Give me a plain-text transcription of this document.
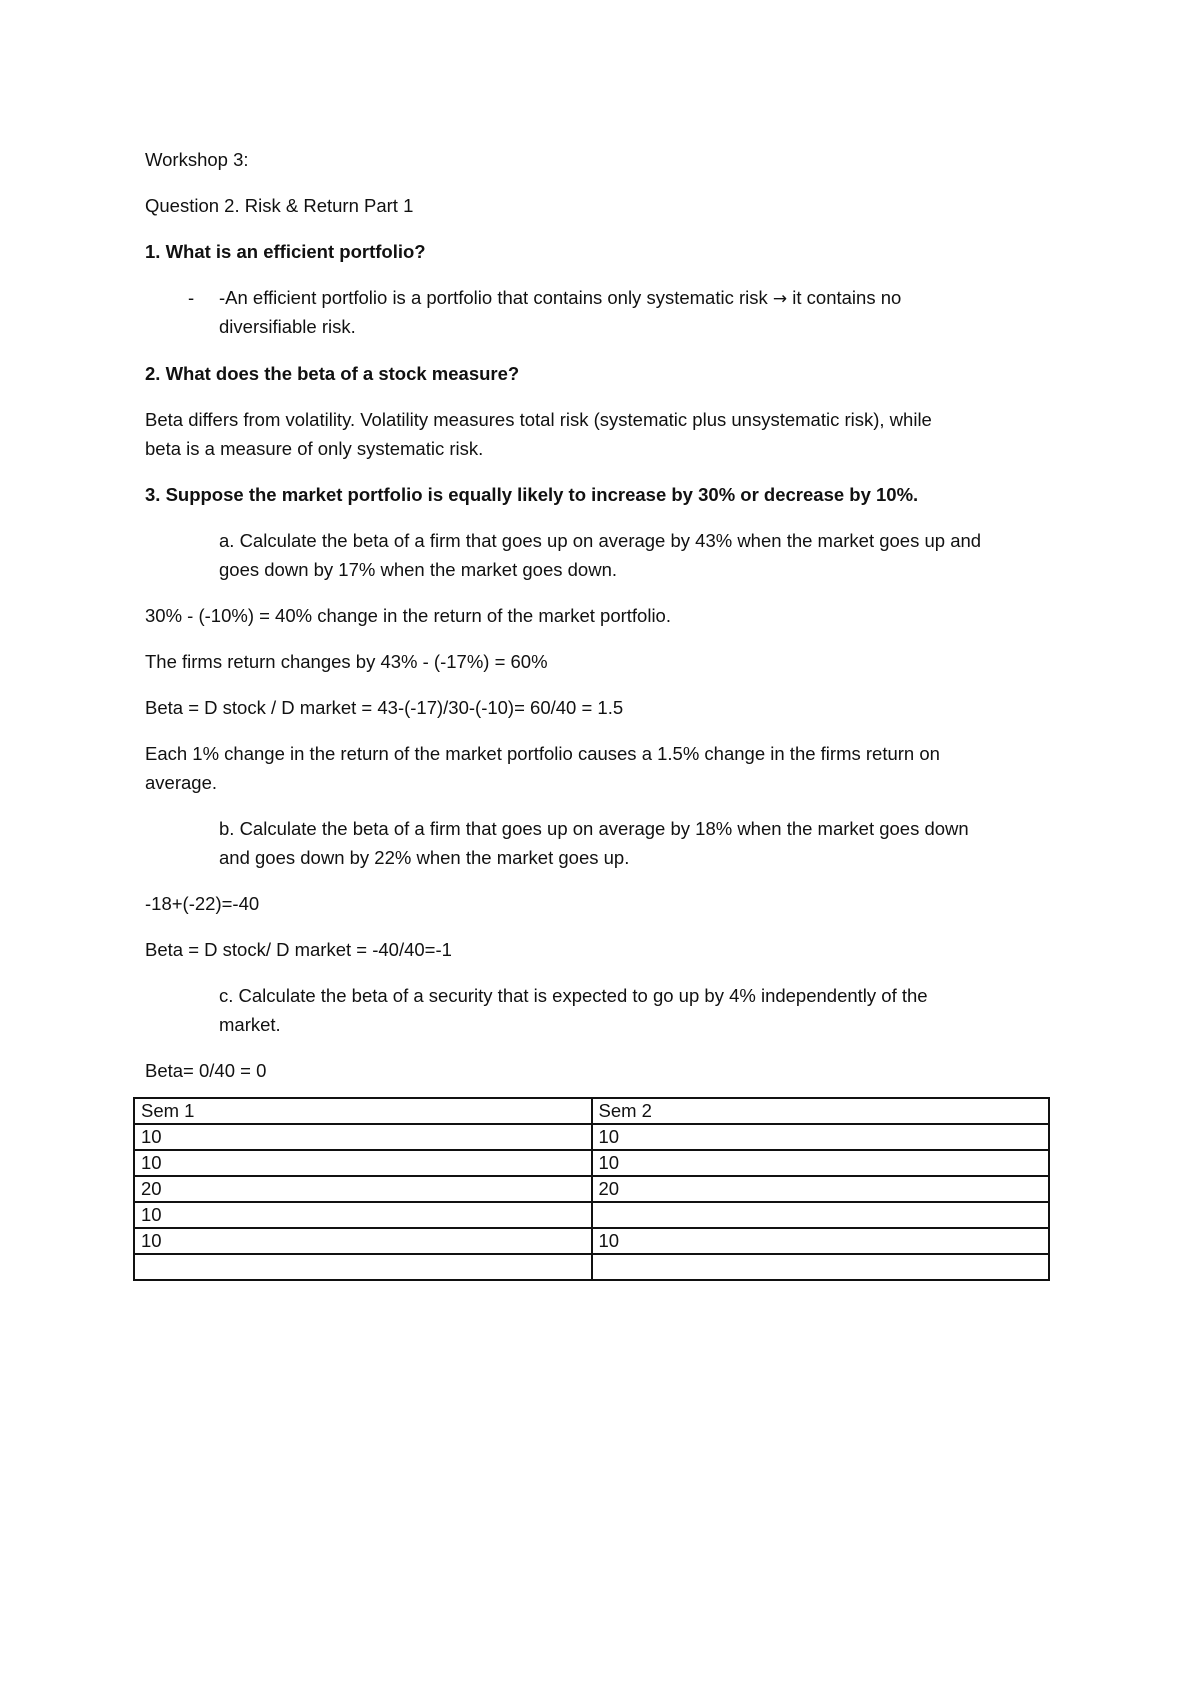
Workshop 3:
Question 2. Risk & Return Part 1
1. What is an efficient portfolio?
- -An efficient portfolio is a portfolio that contains only systematic risk → it contains no
diversifiable risk.
2. What does the beta of a stock measure?
Beta differs from volatility. Volatility measures total risk (systematic plus unsystematic risk), while
beta is a measure of only systematic risk.
3. Suppose the market portfolio is equally likely to increase by 30% or decrease by 10%.
a. Calculate the beta of a firm that goes up on average by 43% when the market goes up and
goes down by 17% when the market goes down.
30% - (-10%) = 40% change in the return of the market portfolio.
The firms return changes by 43% - (-17%) = 60%
Beta = D stock / D market = 43-(-17)/30-(-10)= 60/40 = 1.5
Each 1% change in the return of the market portfolio causes a 1.5% change in the firms return on
average.
b. Calculate the beta of a firm that goes up on average by 18% when the market goes down
and goes down by 22% when the market goes up.
-18+(-22)=-40
Beta = D stock/ D market = -40/40=-1
c. Calculate the beta of a security that is expected to go up by 4% independently of the
market.
Beta= 0/40 = 0
Sem 1	Sem 2
10	10
10	10
20	20
10	
10	10
